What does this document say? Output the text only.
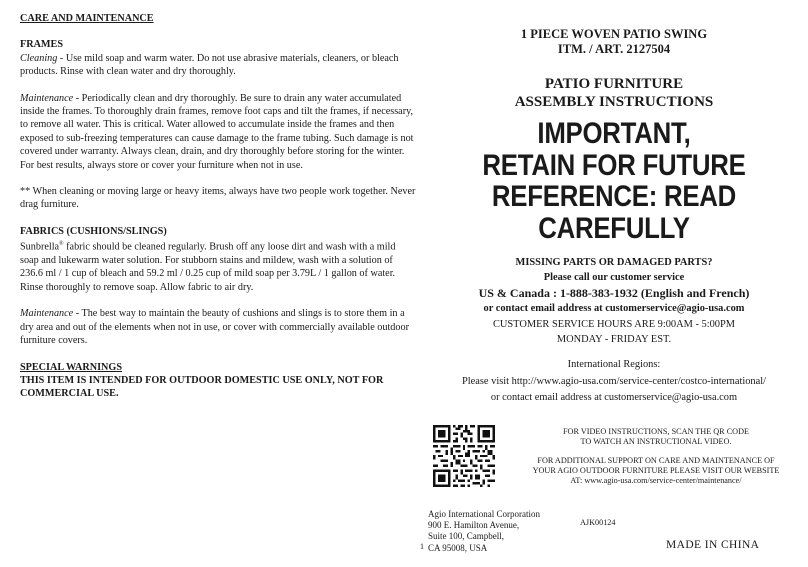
CARE AND MAINTENANCE

FRAMES

Cleaning - Use mild soap and warm water. Do not use abrasive materials, cleaners, or bleach products. Rinse with clean water and dry thoroughly.

Maintenance - Periodically clean and dry thoroughly. Be sure to drain any water accumulated inside the frames. To thoroughly drain frames, remove foot caps and tilt the frames, if necessary, to remove all water. This is critical. Water allowed to accumulate inside the frames and then exposed to sub-freezing temperatures can cause damage to the frame tubing. Such damage is not covered under warranty. Always clean, drain, and dry thoroughly before storing for the winter. For best results, always store or cover your furniture when not in use.

** When cleaning or moving large or heavy items, always have two people work together. Never drag furniture.

FABRICS (CUSHIONS/SLINGS)

Sunbrella® fabric should be cleaned regularly. Brush off any loose dirt and wash with a mild soap and lukewarm water solution. For stubborn stains and mildew, wash with a solution of 236.6 ml / 1 cup of bleach and 59.2 ml / 0.25 cup of mild soap per 3.79L / 1 gallon of water. Rinse thoroughly to remove soap. Allow fabric to air dry.

Maintenance - The best way to maintain the beauty of cushions and slings is to store them in a dry area and out of the elements when not in use, or cover with commercially available outdoor furniture covers.

SPECIAL WARNINGS

THIS ITEM IS INTENDED FOR OUTDOOR DOMESTIC USE ONLY, NOT FOR COMMERCIAL USE.

1 PIECE WOVEN PATIO SWING
ITM. / ART. 2127504
PATIO FURNITURE
ASSEMBLY INSTRUCTIONS
IMPORTANT,
RETAIN FOR FUTURE
REFERENCE: READ
CAREFULLY
MISSING PARTS OR DAMAGED PARTS?
Please call our customer service
US & Canada : 1-888-383-1932 (English and French)
or contact email address at customerservice@agio-usa.com
CUSTOMER SERVICE HOURS ARE 9:00AM - 5:00PM
MONDAY - FRIDAY EST.
International Regions:
Please visit http://www.agio-usa.com/service-center/costco-international/
or contact email address at customerservice@agio-usa.com
FOR VIDEO INSTRUCTIONS, SCAN THE QR CODE
TO WATCH AN INSTRUCTIONAL VIDEO.
FOR ADDITIONAL SUPPORT ON CARE AND MAINTENANCE OF
YOUR AGIO OUTDOOR FURNITURE PLEASE VISIT OUR WEBSITE
AT: www.agio-usa.com/service-center/maintenance/
Agio International Corporation
900 E. Hamilton Avenue,
Suite 100, Campbell,
CA 95008, USA
AJK00124
1	MADE IN CHINA
